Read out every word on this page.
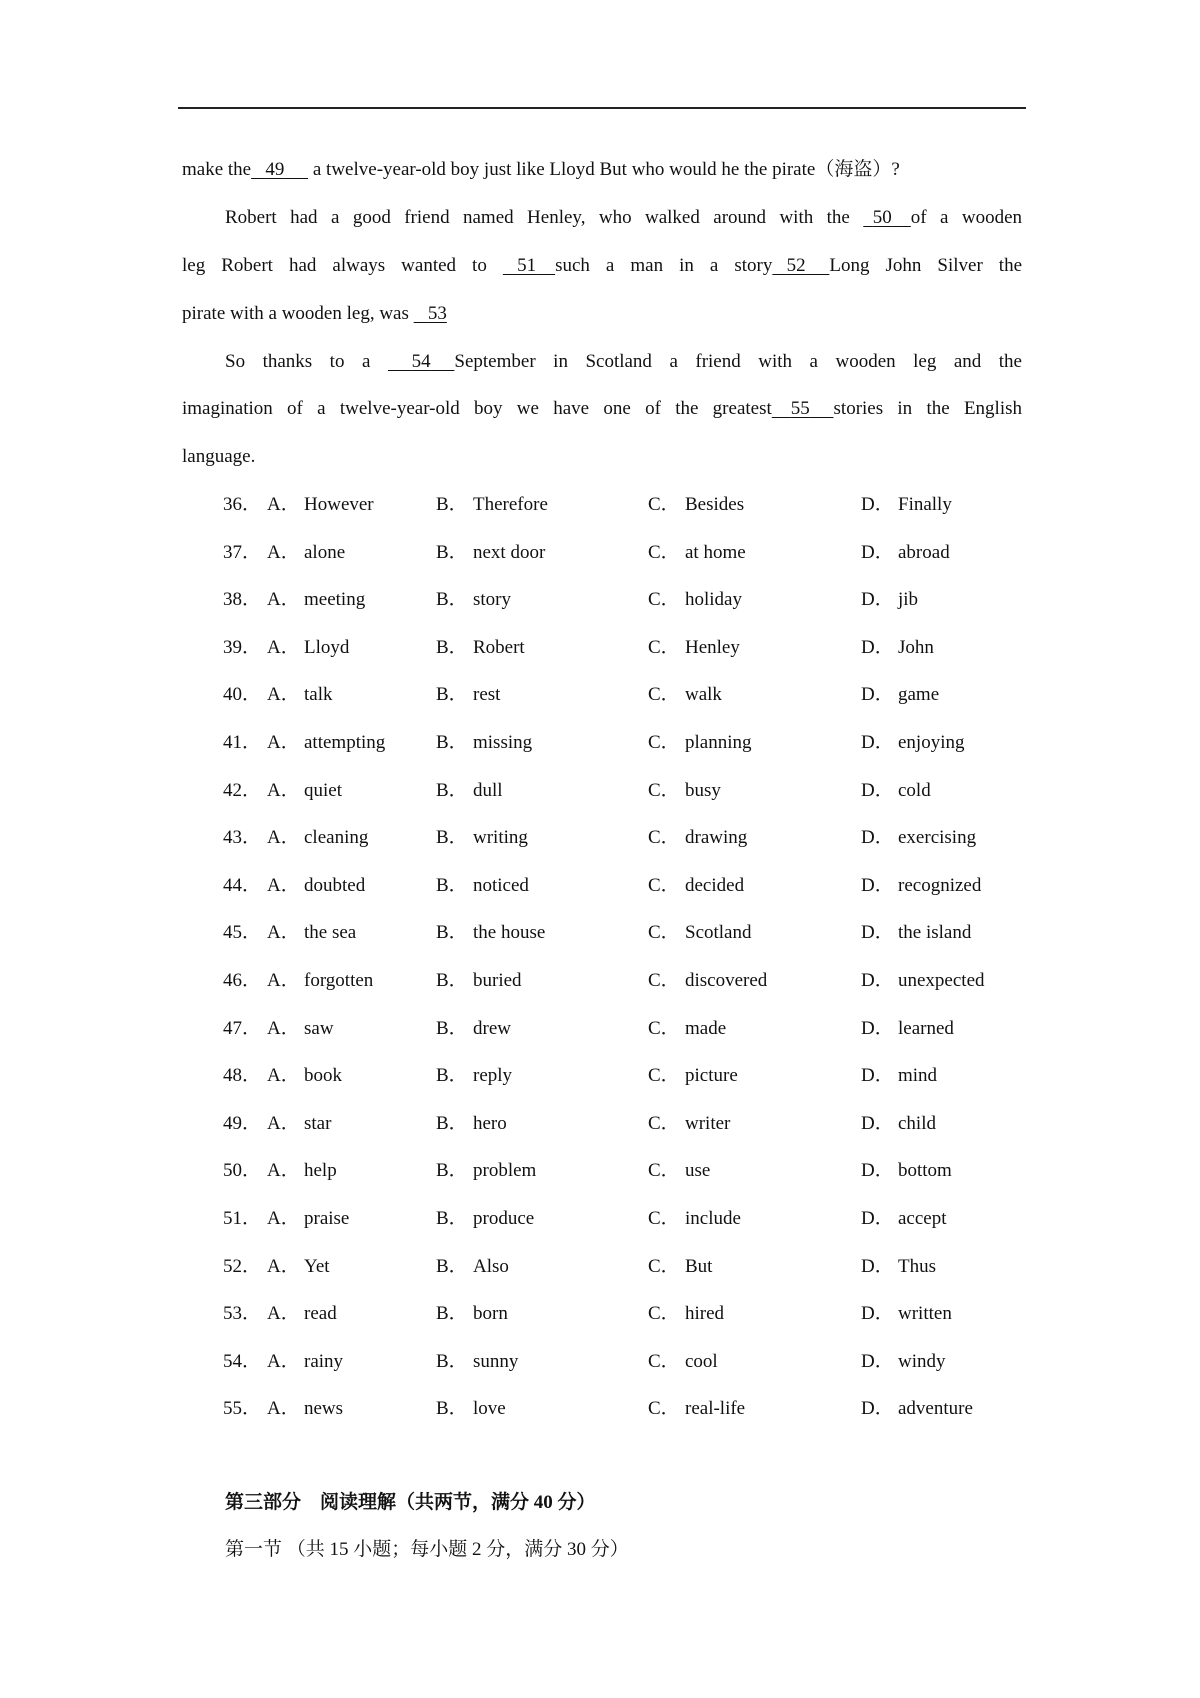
make the 49      a twelve-year-old boy just like Lloyd But who would he the pirate（海盗）?
Robert had a good friend named Henley, who walked around with the   50 of a wooden
leg Robert had always wanted to    51 such a man in a story 52 Long John Silver the
pirate with a wooden leg, was    53
So thanks to a      54 September in Scotland a friend with a wooden leg and the
imagination of a twelve-year-old boy we have one of the greatest 55 stories in the English
language.
36． A． However	B． Therefore	C． Besides	D． Finally
37． A． alone	B． next door	C． at home	D． abroad
38． A． meeting	B． story	C． holiday	D． jib
39． A． Lloyd	B． Robert	C． Henley	D． John
40． A． talk	B． rest	C． walk	D． game
41． A． attempting	B． missing	C． planning	D． enjoying
42． A． quiet	B． dull	C． busy	D． cold
43． A． cleaning	B． writing	C． drawing	D． exercising
44． A． doubted	B． noticed	C． decided	D． recognized
45． A． the sea	B． the house	C． Scotland	D． the island
46． A． forgotten	B． buried	C． discovered	D． unexpected
47． A． saw	B． drew	C． made	D． learned
48． A． book	B． reply	C． picture	D． mind
49． A． star	B． hero	C． writer	D． child
50． A． help	B． problem	C． use	D． bottom
51． A． praise	B． produce	C． include	D． accept
52． A． Yet	B． Also	C． But	D． Thus
53． A． read	B． born	C． hired	D． written
54． A． rainy	B． sunny	C． cool	D． windy
55． A． news	B． love	C． real-life	D． adventure
第三部分　阅读理解（共两节，满分 40 分）
第一节 （共 15 小题；每小题 2 分，满分 30 分）
